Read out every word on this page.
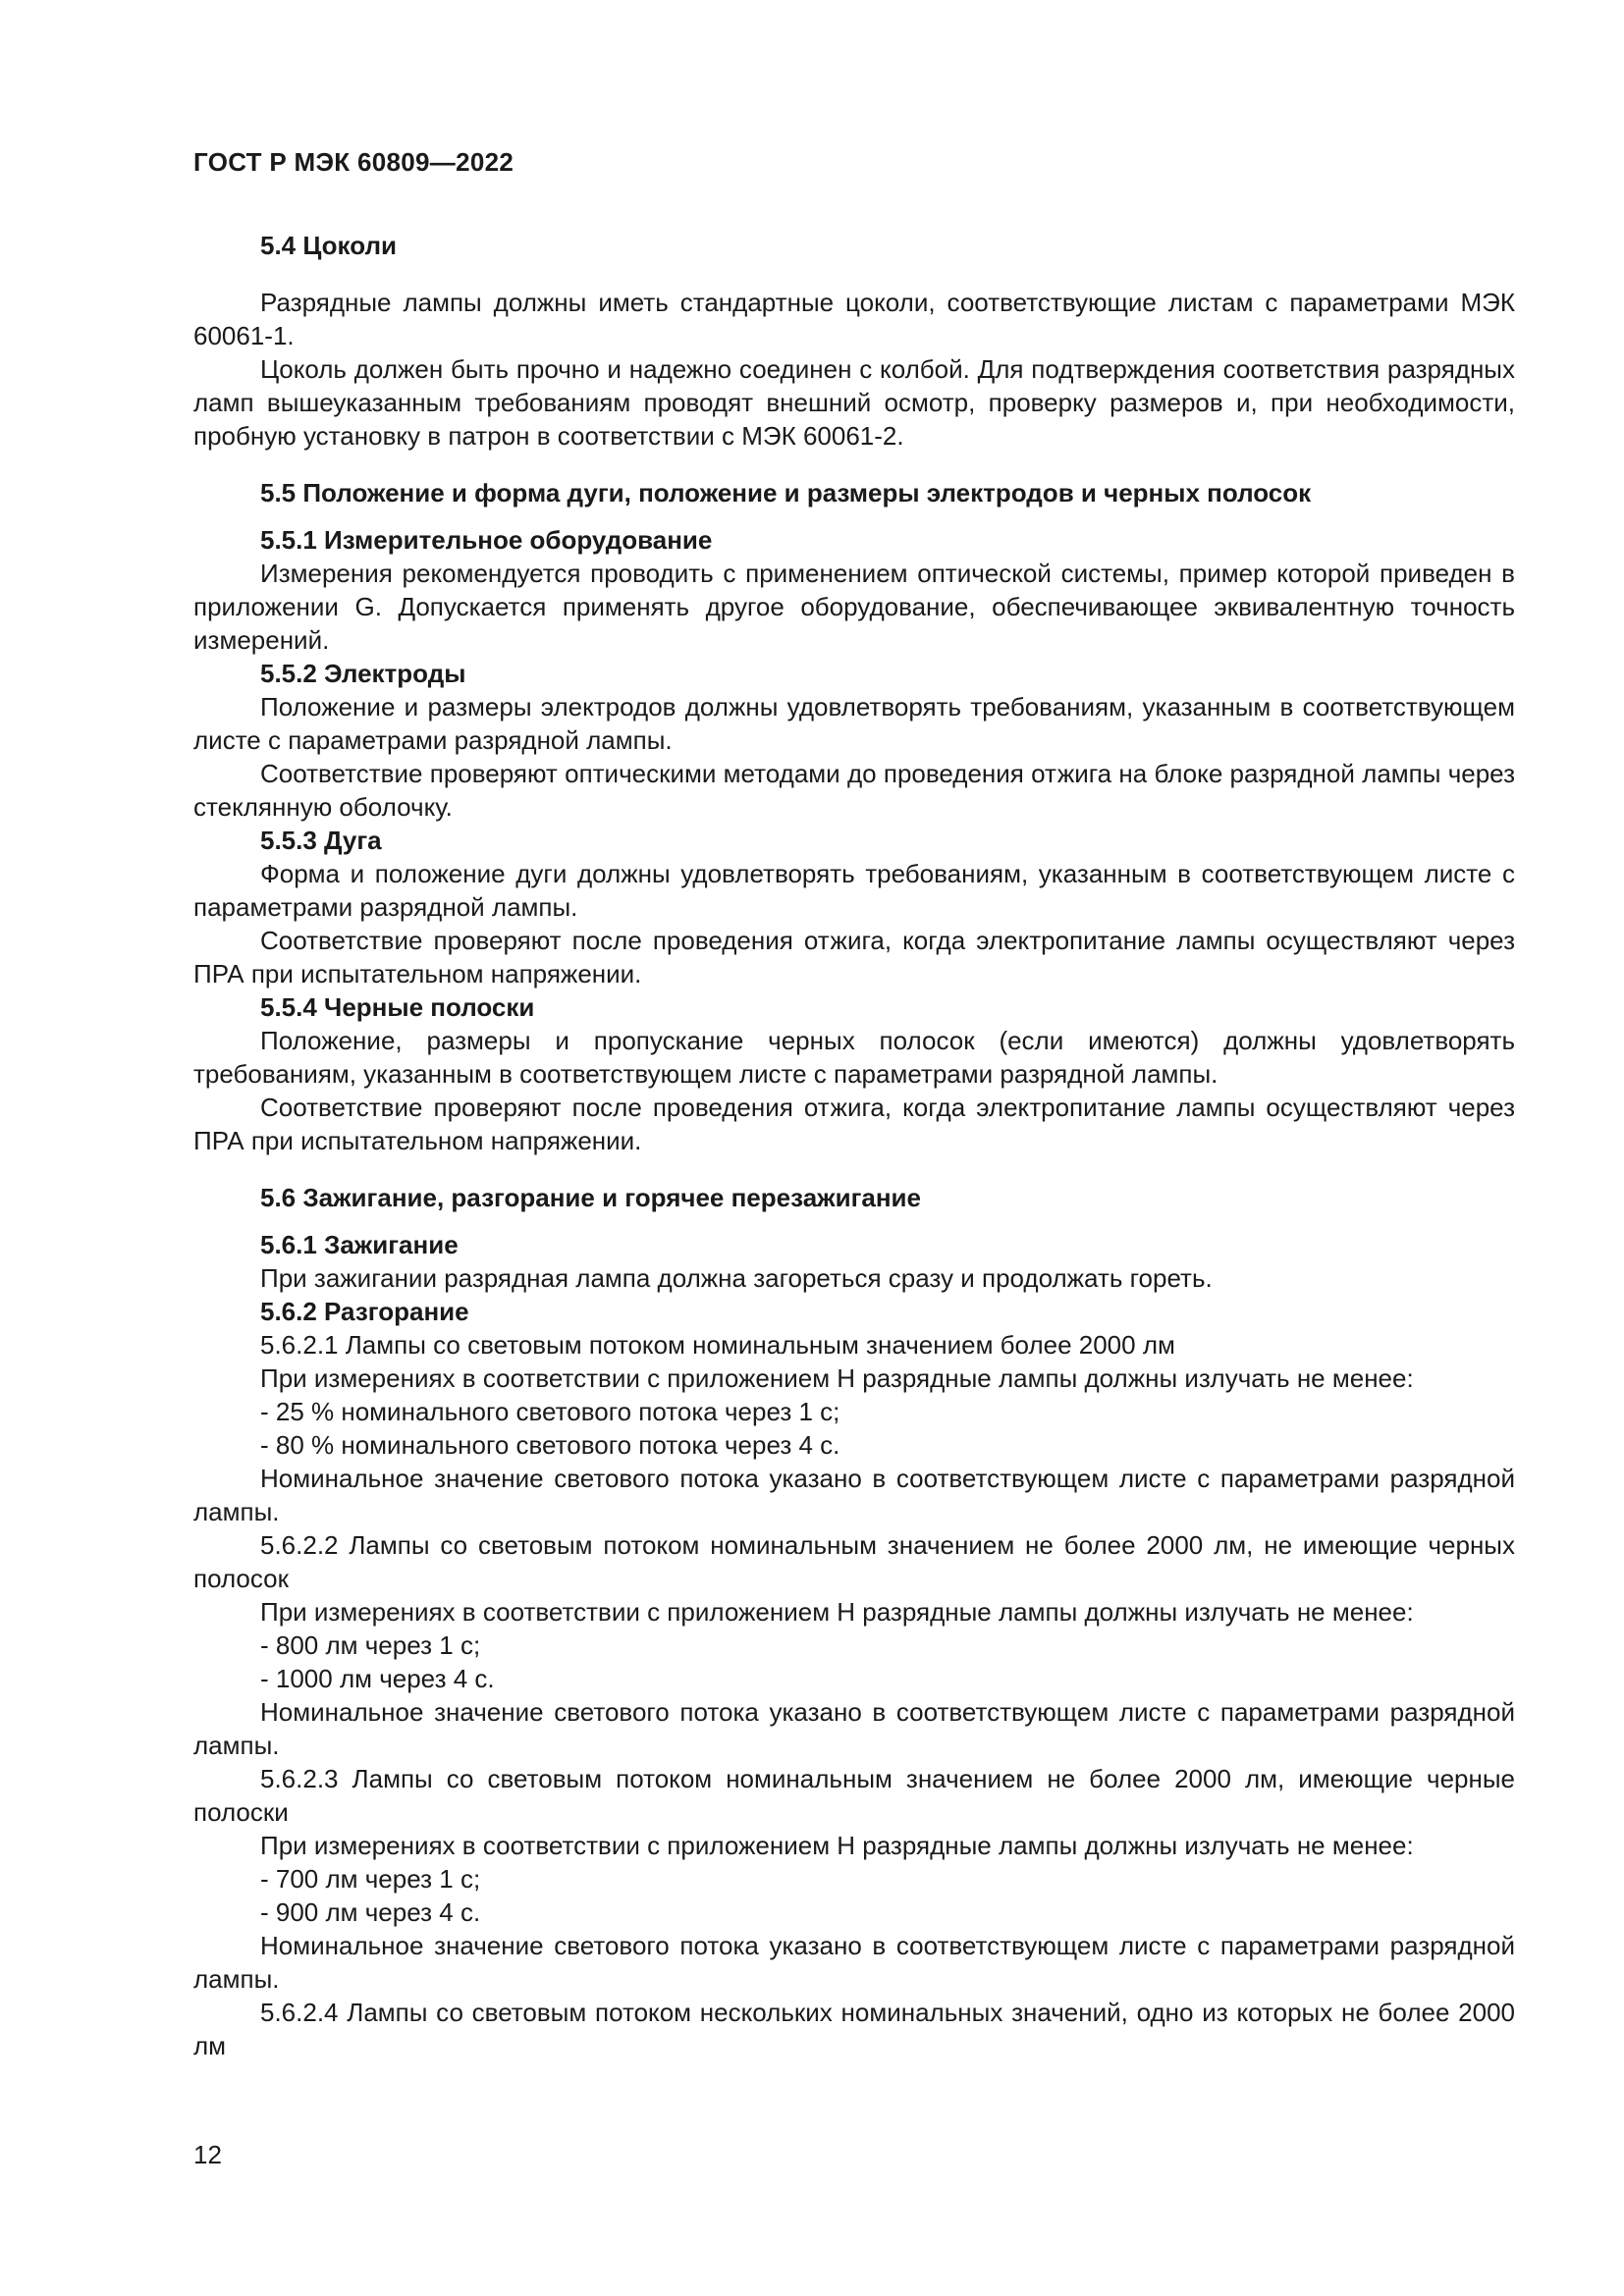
ГОСТ Р МЭК 60809—2022

5.4 Цоколи

Разрядные лампы должны иметь стандартные цоколи, соответствующие листам с параметрами МЭК 60061-1.

Цоколь должен быть прочно и надежно соединен с колбой. Для подтверждения соответствия разрядных ламп вышеуказанным требованиям проводят внешний осмотр, проверку размеров и, при необходимости, пробную установку в патрон в соответствии с МЭК 60061-2.

5.5 Положение и форма дуги, положение и размеры электродов и черных полосок

5.5.1 Измерительное оборудование

Измерения рекомендуется проводить с применением оптической системы, пример которой приведен в приложении G. Допускается применять другое оборудование, обеспечивающее эквивалентную точность измерений.

5.5.2 Электроды

Положение и размеры электродов должны удовлетворять требованиям, указанным в соответствующем листе с параметрами разрядной лампы.

Соответствие проверяют оптическими методами до проведения отжига на блоке разрядной лампы через стеклянную оболочку.

5.5.3 Дуга

Форма и положение дуги должны удовлетворять требованиям, указанным в соответствующем листе с параметрами разрядной лампы.

Соответствие проверяют после проведения отжига, когда электропитание лампы осуществляют через ПРА при испытательном напряжении.

5.5.4 Черные полоски

Положение, размеры и пропускание черных полосок (если имеются) должны удовлетворять требованиям, указанным в соответствующем листе с параметрами разрядной лампы.

Соответствие проверяют после проведения отжига, когда электропитание лампы осуществляют через ПРА при испытательном напряжении.

5.6 Зажигание, разгорание и горячее перезажигание

5.6.1 Зажигание

При зажигании разрядная лампа должна загореться сразу и продолжать гореть.

5.6.2 Разгорание

5.6.2.1 Лампы со световым потоком номинальным значением более 2000 лм

При измерениях в соответствии с приложением Н разрядные лампы должны излучать не менее:

- 25 % номинального светового потока через 1 с;

- 80 % номинального светового потока через 4 с.

Номинальное значение светового потока указано в соответствующем листе с параметрами разрядной лампы.

5.6.2.2 Лампы со световым потоком номинальным значением не более 2000 лм, не имеющие черных полосок

При измерениях в соответствии с приложением Н разрядные лампы должны излучать не менее:

- 800 лм через 1 с;

- 1000 лм через 4 с.

Номинальное значение светового потока указано в соответствующем листе с параметрами разрядной лампы.

5.6.2.3 Лампы со световым потоком номинальным значением не более 2000 лм, имеющие черные полоски

При измерениях в соответствии с приложением Н разрядные лампы должны излучать не менее:

- 700 лм через 1 с;

- 900 лм через 4 с.

Номинальное значение светового потока указано в соответствующем листе с параметрами разрядной лампы.

5.6.2.4 Лампы со световым потоком нескольких номинальных значений, одно из которых не более 2000 лм

12
